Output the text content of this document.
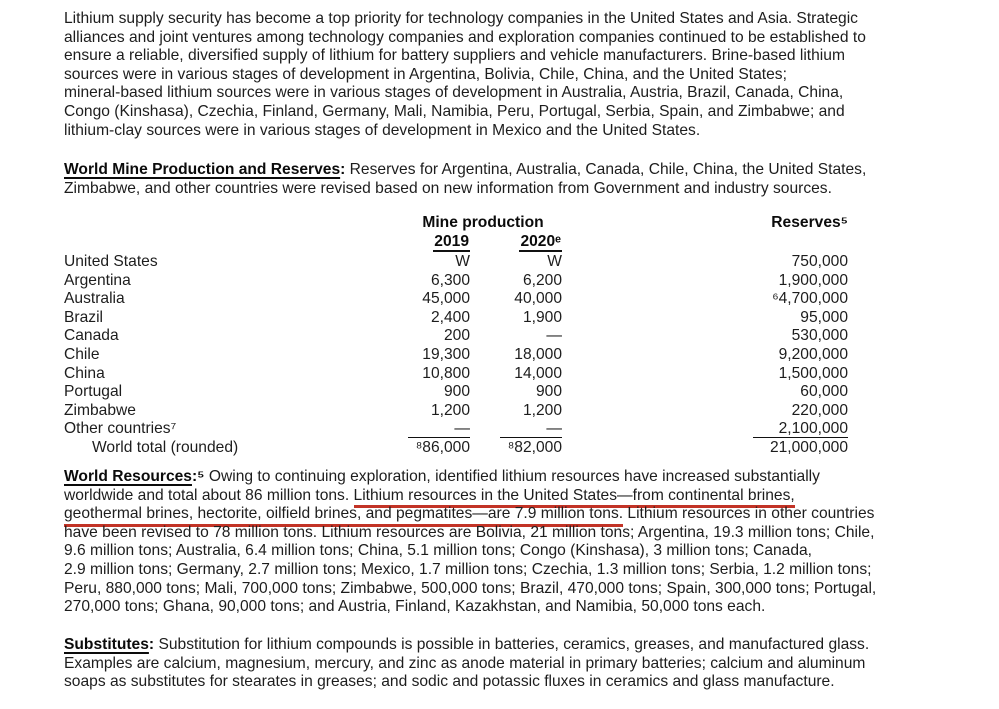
Lithium supply security has become a top priority for technology companies in the United States and Asia. Strategic
alliances and joint ventures among technology companies and exploration companies continued to be established to
ensure a reliable, diversified supply of lithium for battery suppliers and vehicle manufacturers. Brine-based lithium
sources were in various stages of development in Argentina, Bolivia, Chile, China, and the United States;
mineral-based lithium sources were in various stages of development in Australia, Austria, Brazil, Canada, China,
Congo (Kinshasa), Czechia, Finland, Germany, Mali, Namibia, Peru, Portugal, Serbia, Spain, and Zimbabwe; and
lithium-clay sources were in various stages of development in Mexico and the United States.
World Mine Production and Reserves: Reserves for Argentina, Australia, Canada, Chile, China, the United States,
Zimbabwe, and other countries were revised based on new information from Government and industry sources.
Mine production	Reserves⁵
2019	2020ᵉ
United States	W	W	750,000
Argentina	6,300	6,200	1,900,000
Australia	45,000	40,000	⁶4,700,000
Brazil	2,400	1,900	95,000
Canada	200	—	530,000
Chile	19,300	18,000	9,200,000
China	10,800	14,000	1,500,000
Portugal	900	900	60,000
Zimbabwe	1,200	1,200	220,000
Other countries⁷	—	—	2,100,000
World total (rounded)	⁸86,000	⁸82,000	21,000,000
World Resources:⁵ Owing to continuing exploration, identified lithium resources have increased substantially
worldwide and total about 86 million tons. Lithium resources in the United States—from continental brines,
geothermal brines, hectorite, oilfield brines, and pegmatites—are 7.9 million tons. Lithium resources in other countries
have been revised to 78 million tons. Lithium resources are Bolivia, 21 million tons; Argentina, 19.3 million tons; Chile,
9.6 million tons; Australia, 6.4 million tons; China, 5.1 million tons; Congo (Kinshasa), 3 million tons; Canada,
2.9 million tons; Germany, 2.7 million tons; Mexico, 1.7 million tons; Czechia, 1.3 million tons; Serbia, 1.2 million tons;
Peru, 880,000 tons; Mali, 700,000 tons; Zimbabwe, 500,000 tons; Brazil, 470,000 tons; Spain, 300,000 tons; Portugal,
270,000 tons; Ghana, 90,000 tons; and Austria, Finland, Kazakhstan, and Namibia, 50,000 tons each.
Substitutes: Substitution for lithium compounds is possible in batteries, ceramics, greases, and manufactured glass.
Examples are calcium, magnesium, mercury, and zinc as anode material in primary batteries; calcium and aluminum
soaps as substitutes for stearates in greases; and sodic and potassic fluxes in ceramics and glass manufacture.
